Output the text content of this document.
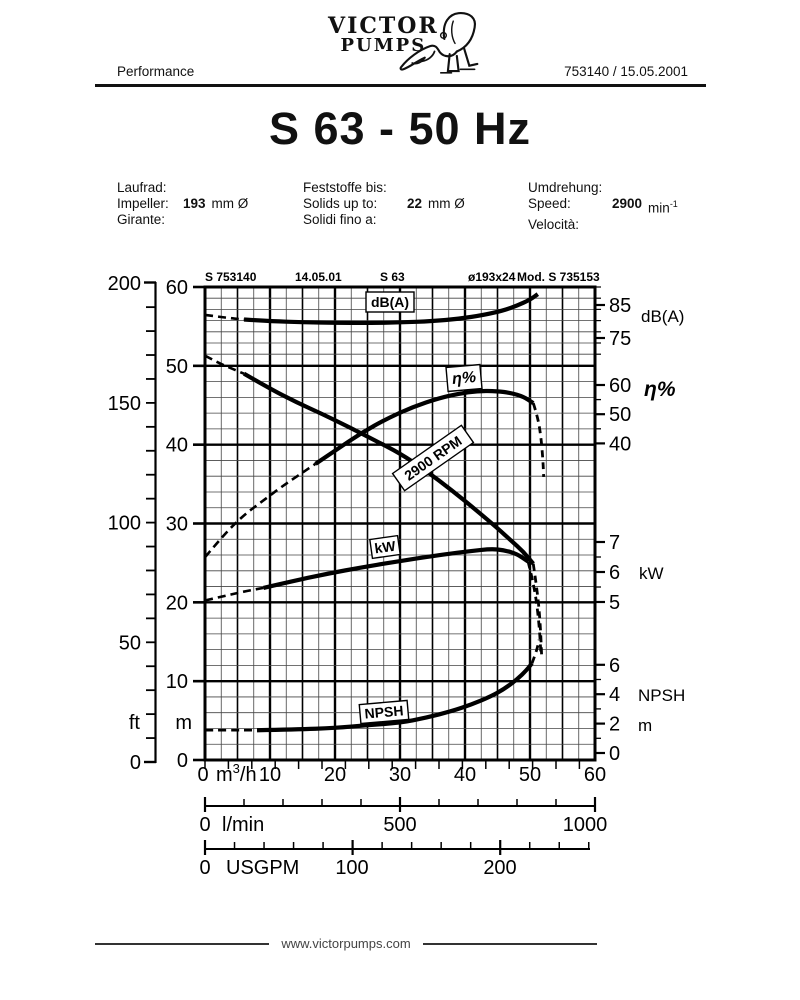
VICTOR
PUMPS
Performance	753140 / 15.05.2001
S 63 - 50 Hz
Laufrad:
Impeller:	193 mm Ø
Girante:
Feststoffe bis:
Solids up to:	22 mm Ø
Solidi fino a:
Umdrehung:
Speed:	2900 $\min^{-1}$
Velocità:
dB(A)
η%
2900 RPM
kW
NPSH
S 753140	14.05.01	S 63	ø193x24 Mod. S 735153
0
10
20
30
40
50
60
m
0
50
100
150
200
ft
85
75
60
50
40
7
6
5
6
4
2
0
dB(A)
η%
kW
NPSH
m
0 $m^3/h$ 10 20 30 40 50 60
0 l/min	500	1000
0 USGPM 100	200
www.victorpumps.com
